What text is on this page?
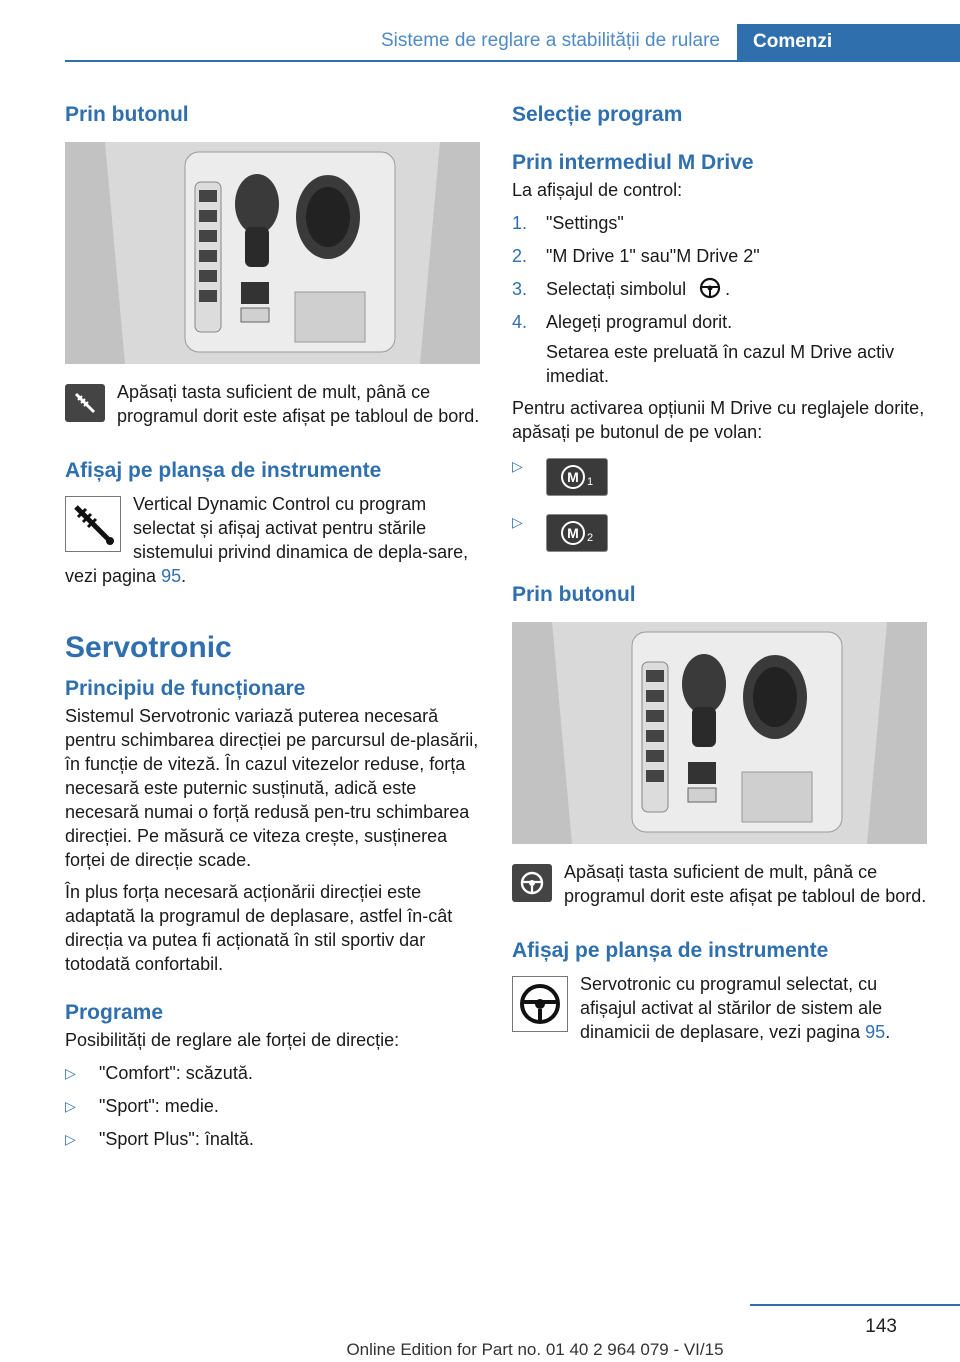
Sisteme de reglare a stabilității de rulare	Comenzi
Prin butonul
Apăsați tasta suficient de mult, până ce programul dorit este afișat pe tabloul de bord.
Afișaj pe planșa de instrumente
Vertical Dynamic Control cu program selectat și afișaj activat pentru stările sistemului privind dinamica de depla-sare, vezi pagina 95.
Servotronic
Principiu de funcționare
Sistemul Servotronic variază puterea necesară pentru schimbarea direcției pe parcursul de-plasării, în funcție de viteză. În cazul vitezelor reduse, forța necesară este puternic susținută, adică este necesară numai o forță redusă pen-tru schimbarea direcției. Pe măsură ce viteza crește, susținerea forței de direcție scade.
În plus forța necesară acționării direcției este adaptată la programul de deplasare, astfel în-cât direcția va putea fi acționată în stil sportiv dar totodată confortabil.
Programe
Posibilități de reglare ale forței de direcție:
▷ "Comfort": scăzută.
▷ "Sport": medie.
▷ "Sport Plus": înaltă.
Selecție program
Prin intermediul M Drive
La afișajul de control:
1. "Settings"
2. "M Drive 1" sau"M Drive 2"
3. Selectați simbolul .
4. Alegeți programul dorit.
Setarea este preluată în cazul M Drive activ imediat.
Pentru activarea opțiunii M Drive cu reglajele dorite, apăsați pe butonul de pe volan:
▷
M 1
▷
M 2
Prin butonul
Apăsați tasta suficient de mult, până ce programul dorit este afișat pe tabloul de bord.
Afișaj pe planșa de instrumente
Servotronic cu programul selectat, cu afișajul activat al stărilor de sistem ale dinamicii de deplasare, vezi pagina 95.
143
Online Edition for Part no. 01 40 2 964 079 - VI/15
